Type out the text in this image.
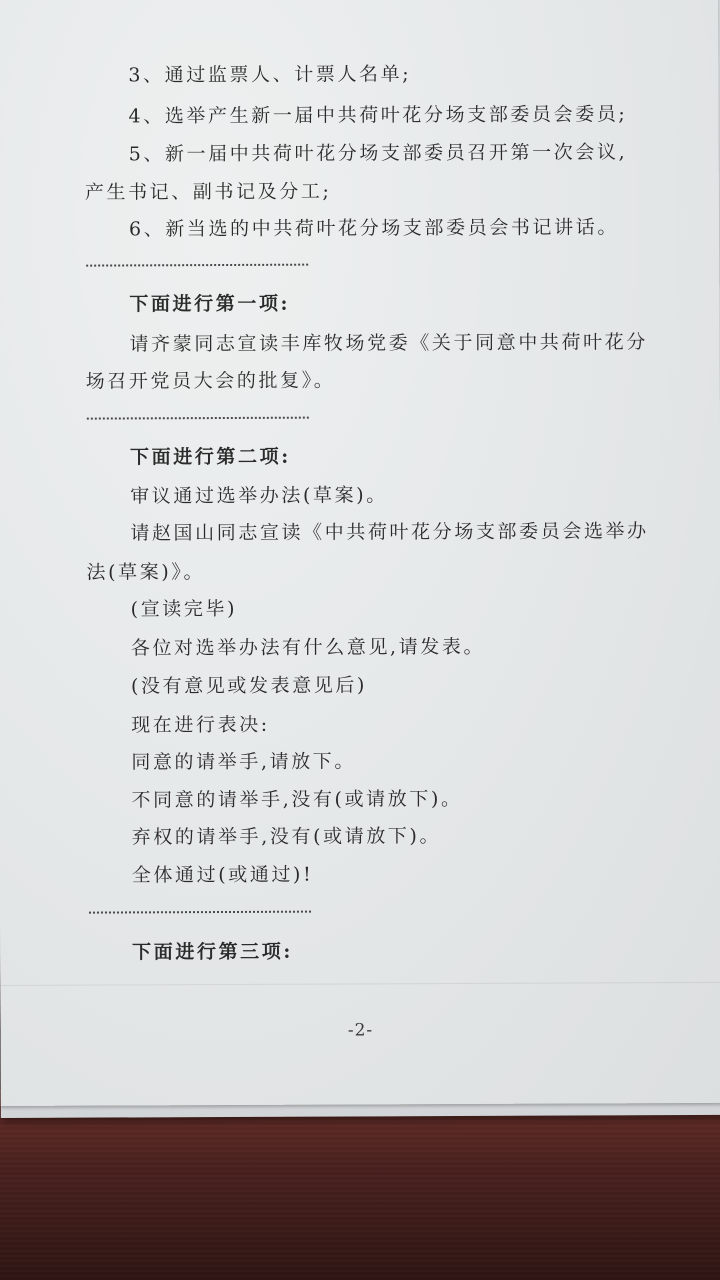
3、通过监票人、计票人名单;
4、选举产生新一届中共荷叶花分场支部委员会委员;
5、新一届中共荷叶花分场支部委员召开第一次会议,
产生书记、副书记及分工;
6、新当选的中共荷叶花分场支部委员会书记讲话。
下面进行第一项:
请齐蒙同志宣读丰库牧场党委《关于同意中共荷叶花分
场召开党员大会的批复》。
下面进行第二项:
审议通过选举办法(草案)。
请赵国山同志宣读《中共荷叶花分场支部委员会选举办
法(草案)》。
(宣读完毕)
各位对选举办法有什么意见,请发表。
(没有意见或发表意见后)
现在进行表决:
同意的请举手,请放下。
不同意的请举手,没有(或请放下)。
弃权的请举手,没有(或请放下)。
全体通过(或通过)!
下面进行第三项:
-2-
